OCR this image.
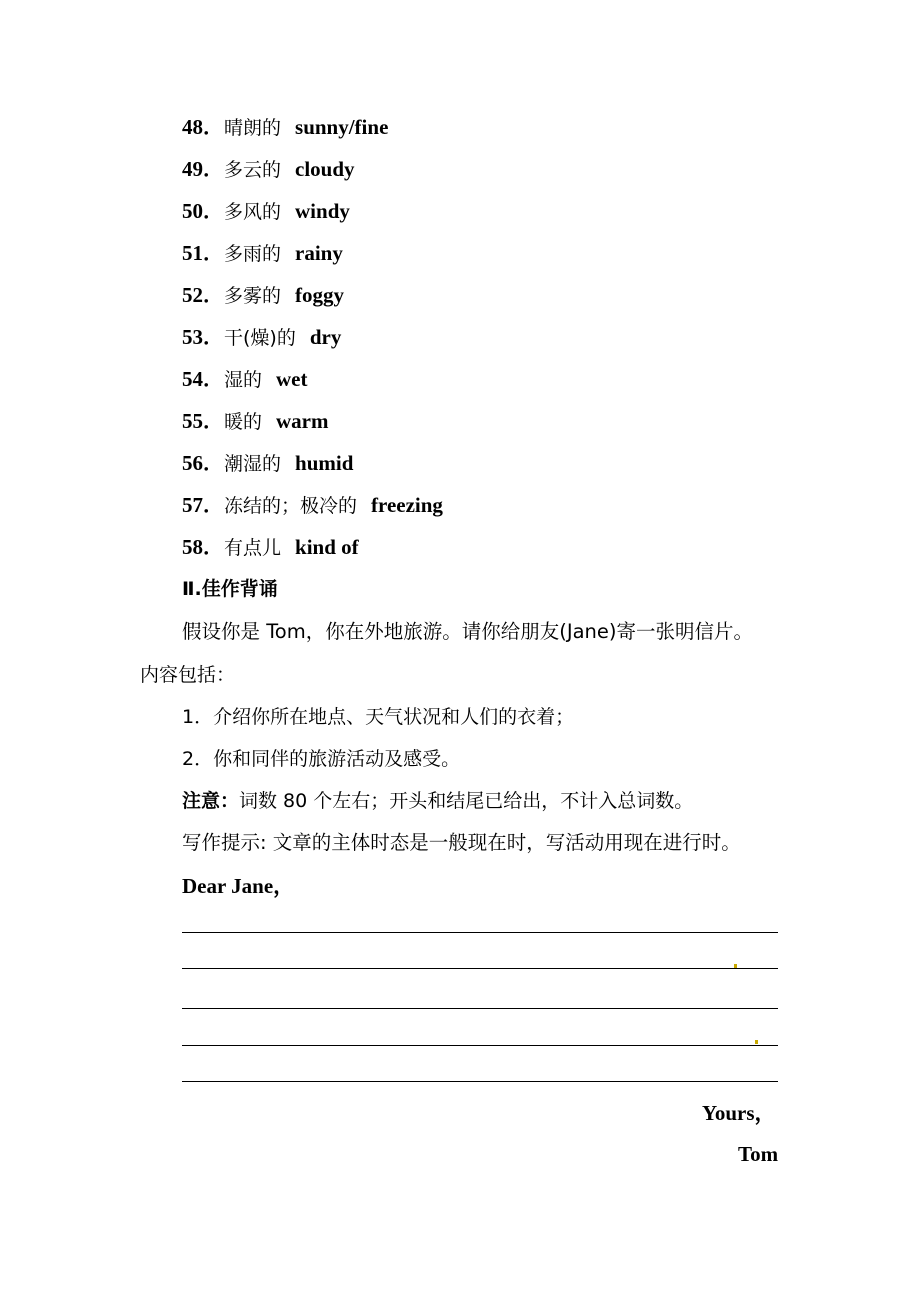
48．晴朗的 sunny/fine
49．多云的 cloudy
50．多风的 windy
51．多雨的 rainy
52．多雾的 foggy
53．干(燥)的 dry
54．湿的 wet
55．暖的 warm
56．潮湿的 humid
57．冻结的；极冷的 freezing
58．有点儿 kind of
Ⅱ.佳作背诵
假设你是 Tom，你在外地旅游。请你给朋友(Jane)寄一张明信片。
内容包括：
1．介绍你所在地点、天气状况和人们的衣着；
2．你和同伴的旅游活动及感受。
注意：词数 80 个左右；开头和结尾已给出，不计入总词数。
写作提示: 文章的主体时态是一般现在时，写活动用现在进行时。
Dear Jane，
Yours，
Tom
